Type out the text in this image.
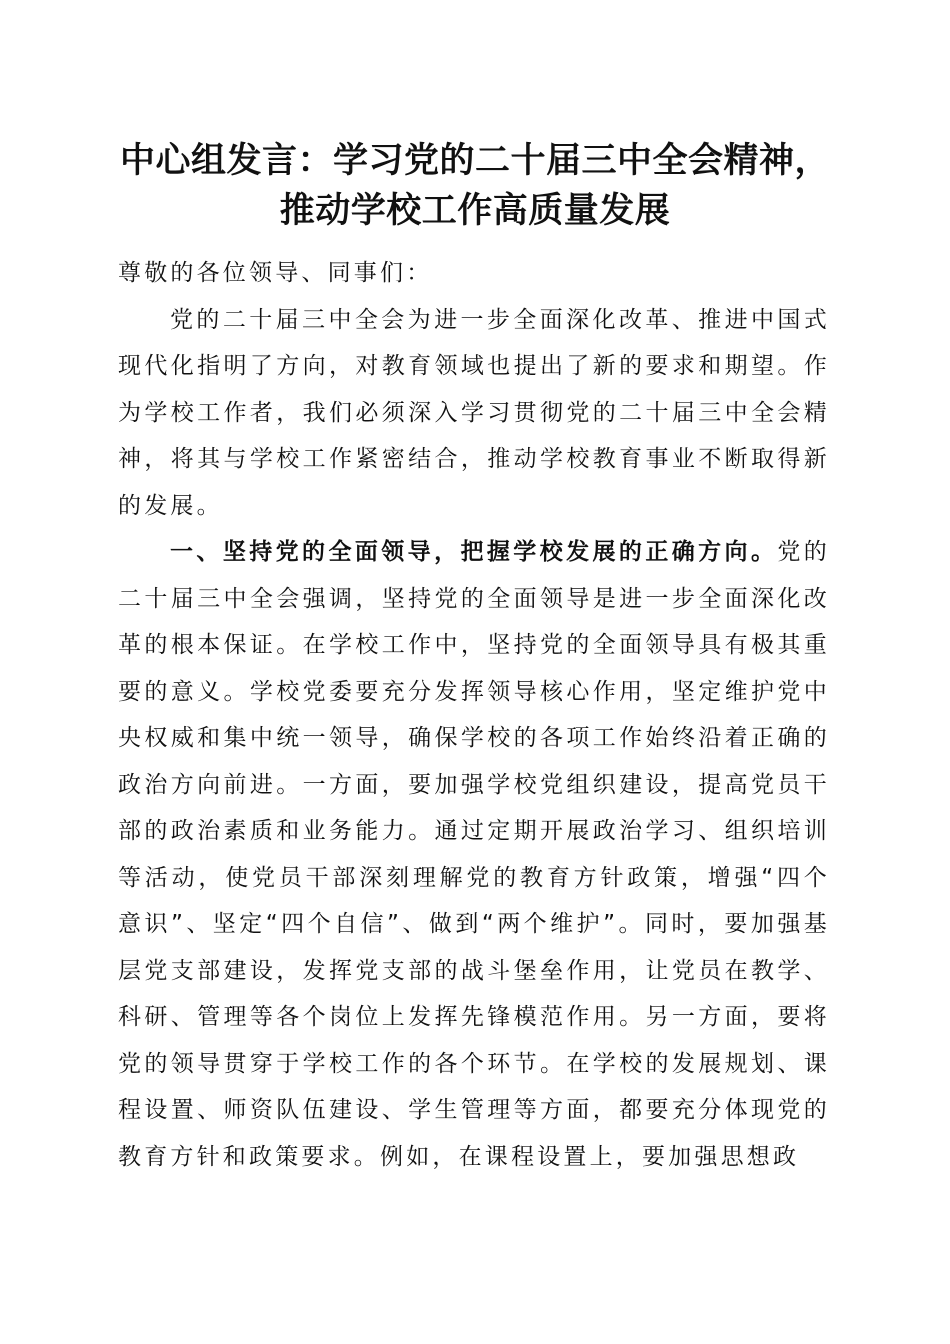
中心组发言：学习党的二十届三中全会精神，
推动学校工作高质量发展

尊敬的各位领导、同事们：

党的二十届三中全会为进一步全面深化改革、推进中国式现代化指明了方向，对教育领域也提出了新的要求和期望。作为学校工作者，我们必须深入学习贯彻党的二十届三中全会精神，将其与学校工作紧密结合，推动学校教育事业不断取得新的发展。

一、坚持党的全面领导，把握学校发展的正确方向。党的二十届三中全会强调，坚持党的全面领导是进一步全面深化改革的根本保证。在学校工作中，坚持党的全面领导具有极其重要的意义。学校党委要充分发挥领导核心作用，坚定维护党中央权威和集中统一领导，确保学校的各项工作始终沿着正确的政治方向前进。一方面，要加强学校党组织建设，提高党员干部的政治素质和业务能力。通过定期开展政治学习、组织培训等活动，使党员干部深刻理解党的教育方针政策，增强“四个意识”、坚定“四个自信”、做到“两个维护”。同时，要加强基层党支部建设，发挥党支部的战斗堡垒作用，让党员在教学、科研、管理等各个岗位上发挥先锋模范作用。另一方面，要将党的领导贯穿于学校工作的各个环节。在学校的发展规划、课程设置、师资队伍建设、学生管理等方面，都要充分体现党的教育方针和政策要求。例如，在课程设置上，要加强思想政
